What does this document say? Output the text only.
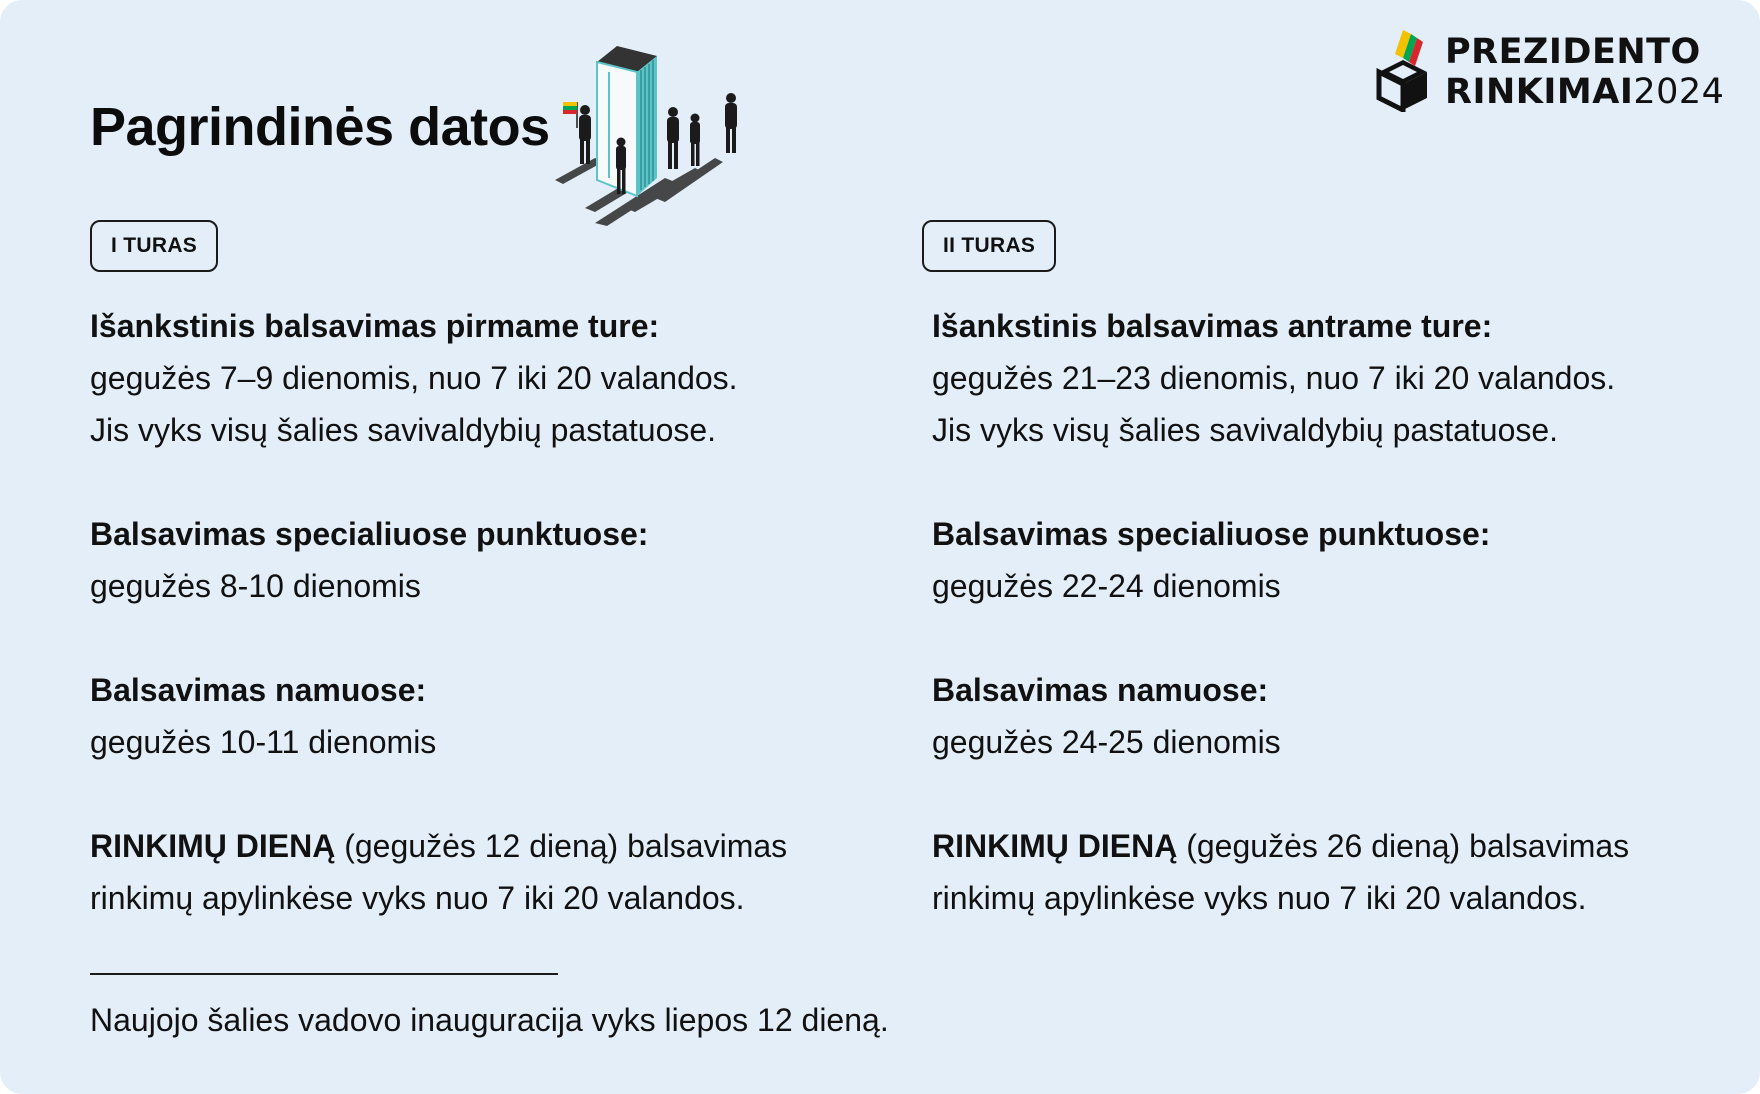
Pagrindinės datos
PREZIDENTO
RINKIMAI2024
I TURAS
Išankstinis balsavimas pirmame ture:
gegužės 7–9 dienomis, nuo 7 iki 20 valandos.
Jis vyks visų šalies savivaldybių pastatuose.
Balsavimas specialiuose punktuose:
gegužės 8-10 dienomis
Balsavimas namuose:
gegužės 10-11 dienomis
RINKIMŲ DIENĄ (gegužės 12 dieną) balsavimas
rinkimų apylinkėse vyks nuo 7 iki 20 valandos.
II TURAS
Išankstinis balsavimas antrame ture:
gegužės 21–23 dienomis, nuo 7 iki 20 valandos.
Jis vyks visų šalies savivaldybių pastatuose.
Balsavimas specialiuose punktuose:
gegužės 22-24 dienomis
Balsavimas namuose:
gegužės 24-25 dienomis
RINKIMŲ DIENĄ (gegužės 26 dieną) balsavimas
rinkimų apylinkėse vyks nuo 7 iki 20 valandos.
Naujojo šalies vadovo inauguracija vyks liepos 12 dieną.
